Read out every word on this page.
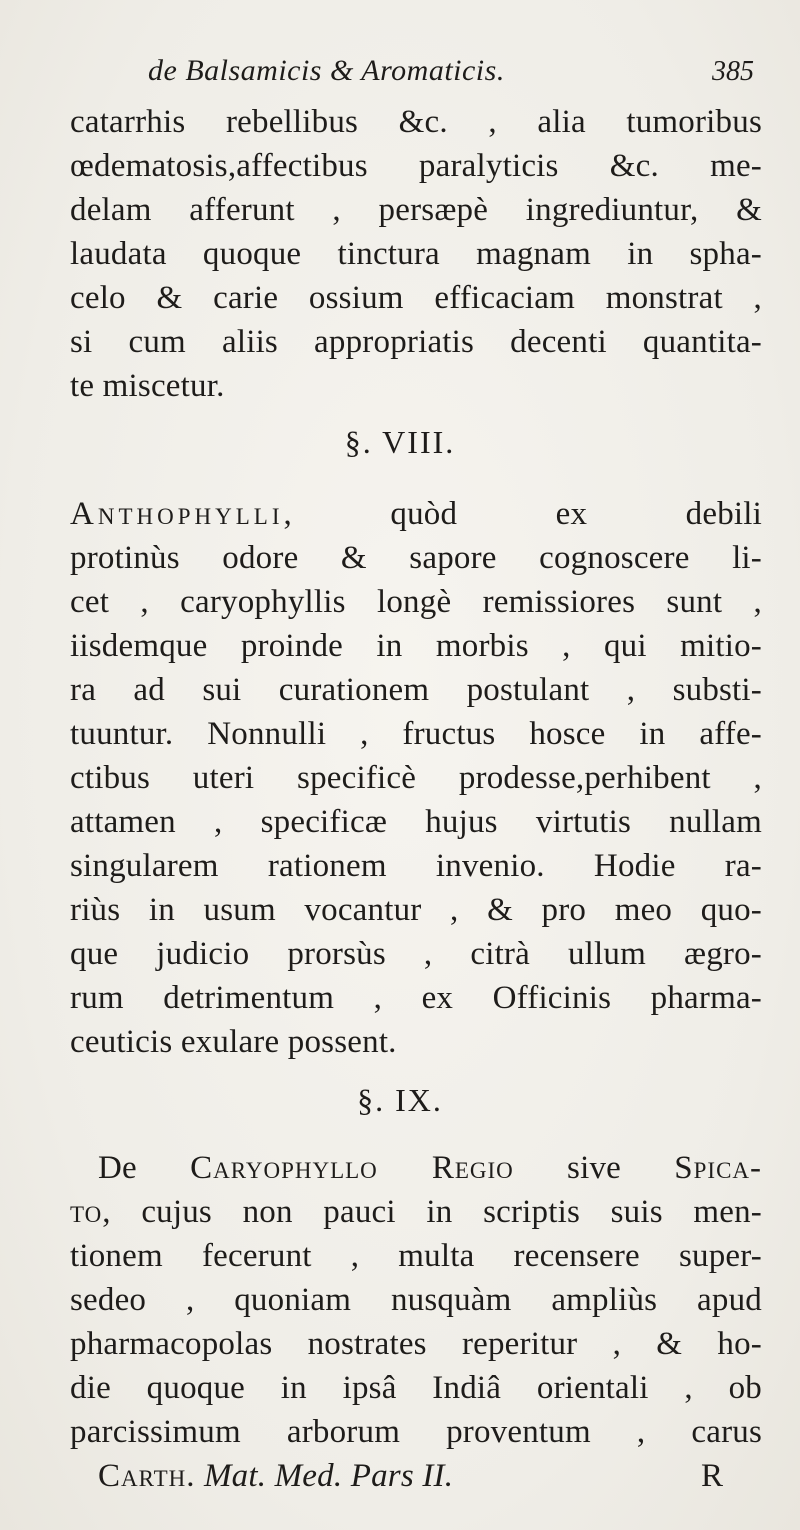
de Balsamicis & Aromaticis.	385
catarrhis rebellibus &c. , alia tumoribus
œdematosis,affectibus paralyticis &c. me-
delam afferunt , persæpè ingrediuntur, &
laudata quoque tinctura magnam in spha-
celo & carie ossium efficaciam monstrat ,
si cum aliis appropriatis decenti quantita-
te miscetur.
§. VIII.
Anthophylli, quòd ex debili
protinùs odore & sapore cognoscere li-
cet , caryophyllis longè remissiores sunt ,
iisdemque proinde in morbis , qui mitio-
ra ad sui curationem postulant , substi-
tuuntur. Nonnulli , fructus hosce in affe-
ctibus uteri specificè prodesse,perhibent ,
attamen , specificæ hujus virtutis nullam
singularem rationem invenio. Hodie ra-
riùs in usum vocantur , & pro meo quo-
que judicio prorsùs , citrà ullum ægro-
rum detrimentum , ex Officinis pharma-
ceuticis exulare possent.
§. IX.
De Caryophyllo Regio sive Spica-
to, cujus non pauci in scriptis suis men-
tionem fecerunt , multa recensere super-
sedeo , quoniam nusquàm ampliùs apud
pharmacopolas nostrates reperitur , & ho-
die quoque in ipsâ Indiâ orientali , ob
parcissimum arborum proventum , carus
Carth. Mat. Med. Pars II.	R
